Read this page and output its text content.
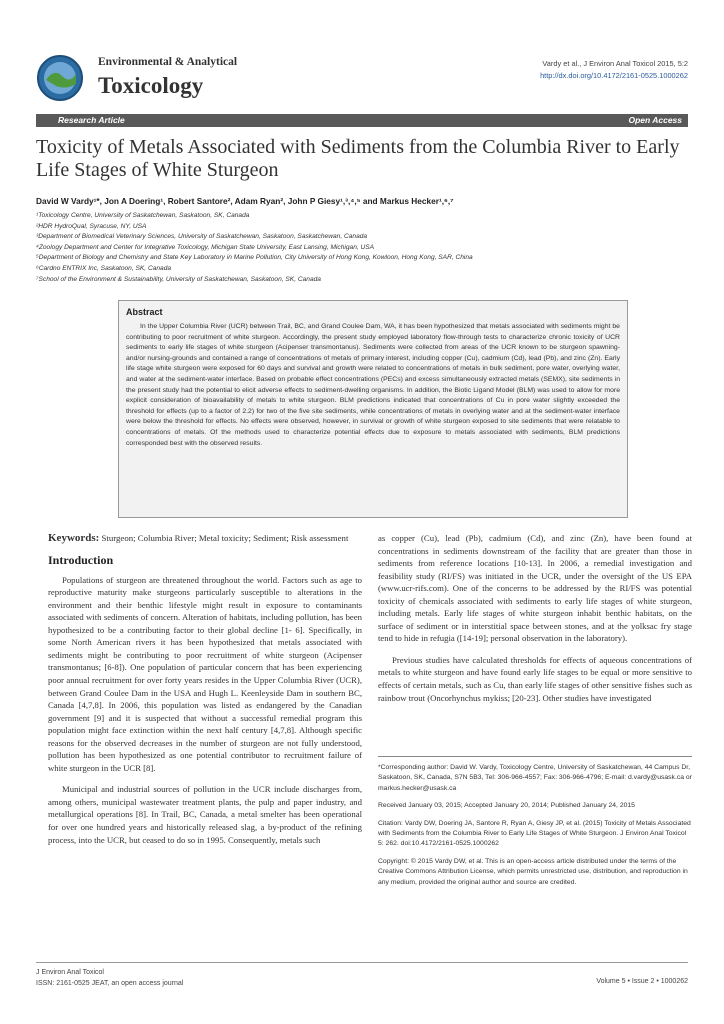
Environmental & Analytical
Toxicology
Vardy et al., J Environ Anal Toxicol 2015, 5:2
http://dx.doi.org/10.4172/2161-0525.1000262
Research Article	Open Access
Toxicity of Metals Associated with Sediments from the Columbia River to Early Life Stages of White Sturgeon
David W Vardy¹*, Jon A Doering¹, Robert Santore², Adam Ryan², John P Giesy¹,³,⁴,⁵ and Markus Hecker¹,⁶,⁷
¹Toxicology Centre, University of Saskatchewan, Saskatoon, SK, Canada
²HDR HydroQual, Syracuse, NY, USA
³Department of Biomedical Veterinary Sciences, University of Saskatchewan, Saskatoon, Saskatchewan, Canada
⁴Zoology Department and Center for Integrative Toxicology, Michigan State University, East Lansing, Michigan, USA
⁵Department of Biology and Chemistry and State Key Laboratory in Marine Pollution, City University of Hong Kong, Kowloon, Hong Kong, SAR, China
⁶Cardno ENTRIX Inc, Saskatoon, SK, Canada
⁷School of the Environment & Sustainability, University of Saskatchewan, Saskatoon, SK, Canada
Abstract
In the Upper Columbia River (UCR) between Trail, BC, and Grand Coulee Dam, WA, it has been hypothesized that metals associated with sediments might be contributing to poor recruitment of white sturgeon. Accordingly, the present study employed laboratory flow-through tests to characterize chronic toxicity of UCR sediments to early life stages of white sturgeon (Acipenser transmontanus). Sediments were collected from areas of the UCR known to be sturgeon spawning- and/or nursing-grounds and contained a range of concentrations of metals of primary interest, including copper (Cu), cadmium (Cd), lead (Pb), and zinc (Zn). Early life stage white sturgeon were exposed for 60 days and survival and growth were related to concentrations of metals in bulk sediment, pore water, overlying water, and water at the sediment-water interface. Based on probable effect concentrations (PECs) and excess simultaneously extracted metals (SEMX), site sediments in the present study had the potential to elicit adverse effects to sediment-dwelling organisms. In addition, the Biotic Ligand Model (BLM) was used to allow for more explicit consideration of bioavailability of metals to white sturgeon. BLM predictions indicated that concentrations of Cu in pore water slightly exceeded the threshold for effects (up to a factor of 2.2) for two of the five site sediments, while concentrations of metals in overlying water and at the sediment-water interface were below the threshold for effects. No effects were observed, however, in survival or growth of white sturgeon exposed to site sediments that were relatable to concentrations of metals. Of the methods used to characterize potential effects due to exposure to metals associated with sediments, BLM predictions corresponded best with the observed results.
Keywords: Sturgeon; Columbia River; Metal toxicity; Sediment; Risk assessment
Introduction

Populations of sturgeon are threatened throughout the world. Factors such as age to reproductive maturity make sturgeons particularly susceptible to alterations in the environment and their benthic lifestyle might result in exposure to contaminants associated with sediments of concern. Alteration of habitats, including pollution, has been hypothesized to be a contributing factor to their global decline [1- 6]. Specifically, in some North American rivers it has been hypothesized that metals associated with sediments might be contributing to poor recruitment of white sturgeon (Acipenser transmontanus; [6-8]). One population of particular concern that has been experiencing poor annual recruitment for over forty years resides in the Upper Columbia River (UCR), between Grand Coulee Dam in the USA and Hugh L. Keenleyside Dam in southern BC, Canada [4,7,8]. In 2006, this population was listed as endangered by the Canadian government [9] and it is suspected that without a successful remedial program this population might face extinction within the next half century [4,7,8]. Although specific reasons for the observed decreases in the number of sturgeon are not fully understood, pollution has been hypothesized as one potential contributor to recruitment failure of white sturgeon in the UCR [8].

Municipal and industrial sources of pollution in the UCR include discharges from, among others, municipal wastewater treatment plants, the pulp and paper industry, and metallurgical operations [8]. In Trail, BC, Canada, a metal smelter has been operational for over one hundred years and historically released slag, a by-product of the refining process, into the UCR, but ceased to do so in 1995. Consequently, metals such

as copper (Cu), lead (Pb), cadmium (Cd), and zinc (Zn), have been found at concentrations in sediments downstream of the facility that are greater than those in sediments from reference locations [10-13]. In 2006, a remedial investigation and feasibility study (RI/FS) was initiated in the UCR, under the oversight of the US EPA (www.ucr-rifs.com). One of the concerns to be addressed by the RI/FS was potential toxicity of chemicals associated with sediments to early life stages of white sturgeon, including metals. Early life stages of white sturgeon inhabit benthic habitats, on the surface of sediment or in interstitial space between stones, and at the yolksac fry stage tend to hide in refugia ([14-19]; personal observation in the laboratory).

Previous studies have calculated thresholds for effects of aqueous concentrations of metals to white sturgeon and have found early life stages to be equal or more sensitive to effects of certain metals, such as Cu, than early life stages of other sensitive fishes such as rainbow trout (Oncorhynchus mykiss; [20-23]. Other studies have investigated

*Corresponding author: David W. Vardy, Toxicology Centre, University of Saskatchewan, 44 Campus Dr, Saskatoon, SK, Canada, S7N 5B3, Tel: 306-966-4557; Fax: 306-966-4796; E-mail: d.vardy@usask.ca or markus.hecker@usask.ca
Received January 03, 2015; Accepted January 20, 2014; Published January 24, 2015
Citation: Vardy DW, Doering JA, Santore R, Ryan A, Giesy JP, et al. (2015) Toxicity of Metals Associated with Sediments from the Columbia River to Early Life Stages of White Sturgeon. J Environ Anal Toxicol 5: 262. doi:10.4172/2161-0525.1000262
Copyright: © 2015 Vardy DW, et al. This is an open-access article distributed under the terms of the Creative Commons Attribution License, which permits unrestricted use, distribution, and reproduction in any medium, provided the original author and source are credited.
J Environ Anal Toxicol
ISSN: 2161-0525 JEAT, an open access journal	Volume 5 • Issue 2 • 1000262
